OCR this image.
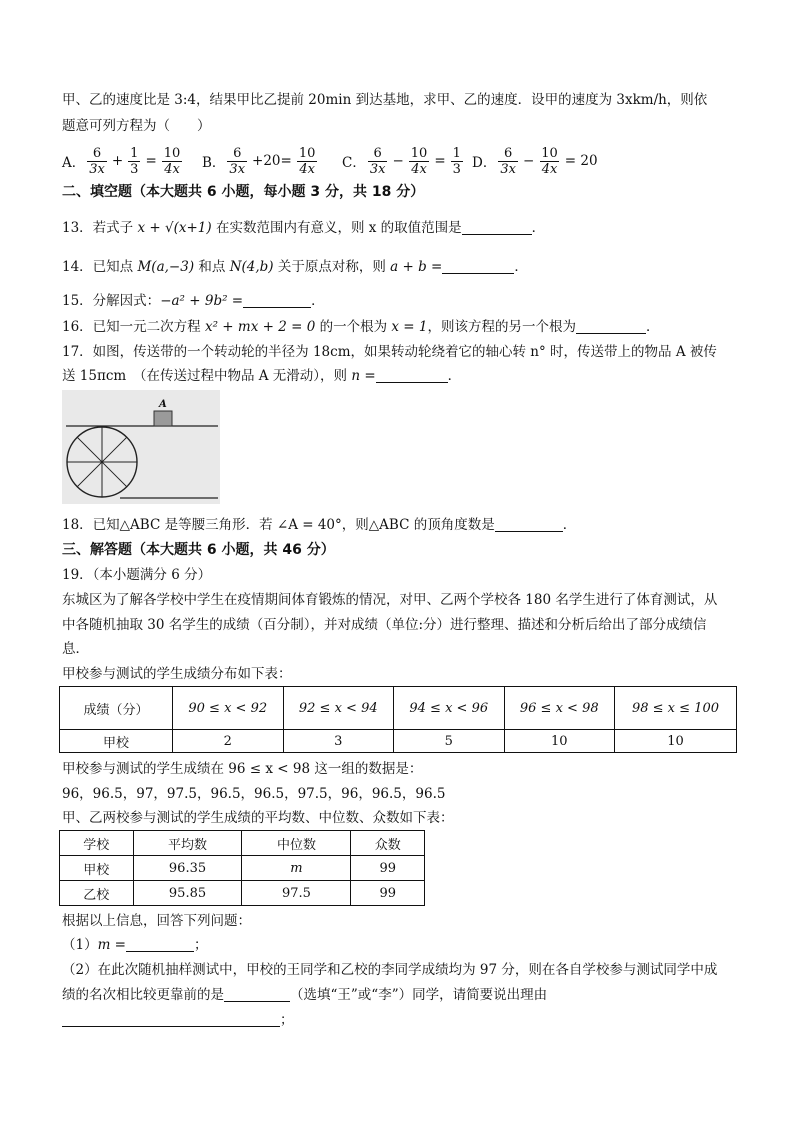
甲、乙的速度比是 3:4，结果甲比乙提前 20min 到达基地，求甲、乙的速度．设甲的速度为 3xkm/h，则依
题意可列方程为（　　）
A． $\frac{6}{3x} + \frac{1}{3} = \frac{10}{4x}$ B． $\frac{6}{3x} +20= \frac{10}{4x}$ C． $\frac{6}{3x} - \frac{10}{4x} = \frac{1}{3}$ D． $\frac{6}{3x} - \frac{10}{4x} = 20$
二、填空题（本大题共 6 小题，每小题 3 分，共 18 分）
13．若式子 x + √(x+1) 在实数范围内有意义，则 x 的取值范围是	．
14．已知点 M(a,−3) 和点 N(4,b) 关于原点对称，则 a + b =	．
15．分解因式：−a² + 9b² =	．
16．已知一元二次方程 x² + mx + 2 = 0 的一个根为 x = 1，则该方程的另一个根为	．
17．如图，传送带的一个转动轮的半径为 18cm，如果转动轮绕着它的轴心转 n° 时，传送带上的物品 A 被传
送 15πcm　（在传送过程中物品 A 无滑动），则 n =	．
A
18．已知△ABC 是等腰三角形．若 ∠A = 40°，则△ABC 的顶角度数是	．
三、解答题（本大题共 6 小题，共 46 分）
19．（本小题满分 6 分）
东城区为了解各学校中学生在疫情期间体育锻炼的情况，对甲、乙两个学校各 180 名学生进行了体育测试，从
中各随机抽取 30 名学生的成绩（百分制），并对成绩（单位:分）进行整理、描述和分析后给出了部分成绩信
息．
甲校参与测试的学生成绩分布如下表：
成绩（分）	90 ≤ x < 92	92 ≤ x < 94	94 ≤ x < 96	96 ≤ x < 98	98 ≤ x ≤ 100
甲校	2	3	5	10	10
甲校参与测试的学生成绩在 96 ≤ x < 98 这一组的数据是：
96，96.5，97，97.5，96.5，96.5，97.5，96，96.5，96.5
甲、乙两校参与测试的学生成绩的平均数、中位数、众数如下表：
学校	平均数	中位数	众数
甲校	96.35	m	99
乙校	95.85	97.5	99
根据以上信息，回答下列问题：
（1）m =	；
（2）在此次随机抽样测试中，甲校的王同学和乙校的李同学成绩均为 97 分，则在各自学校参与测试同学中成
绩的名次相比较更靠前的是	（选填“王”或“李”）同学，请简要说出理由
；
